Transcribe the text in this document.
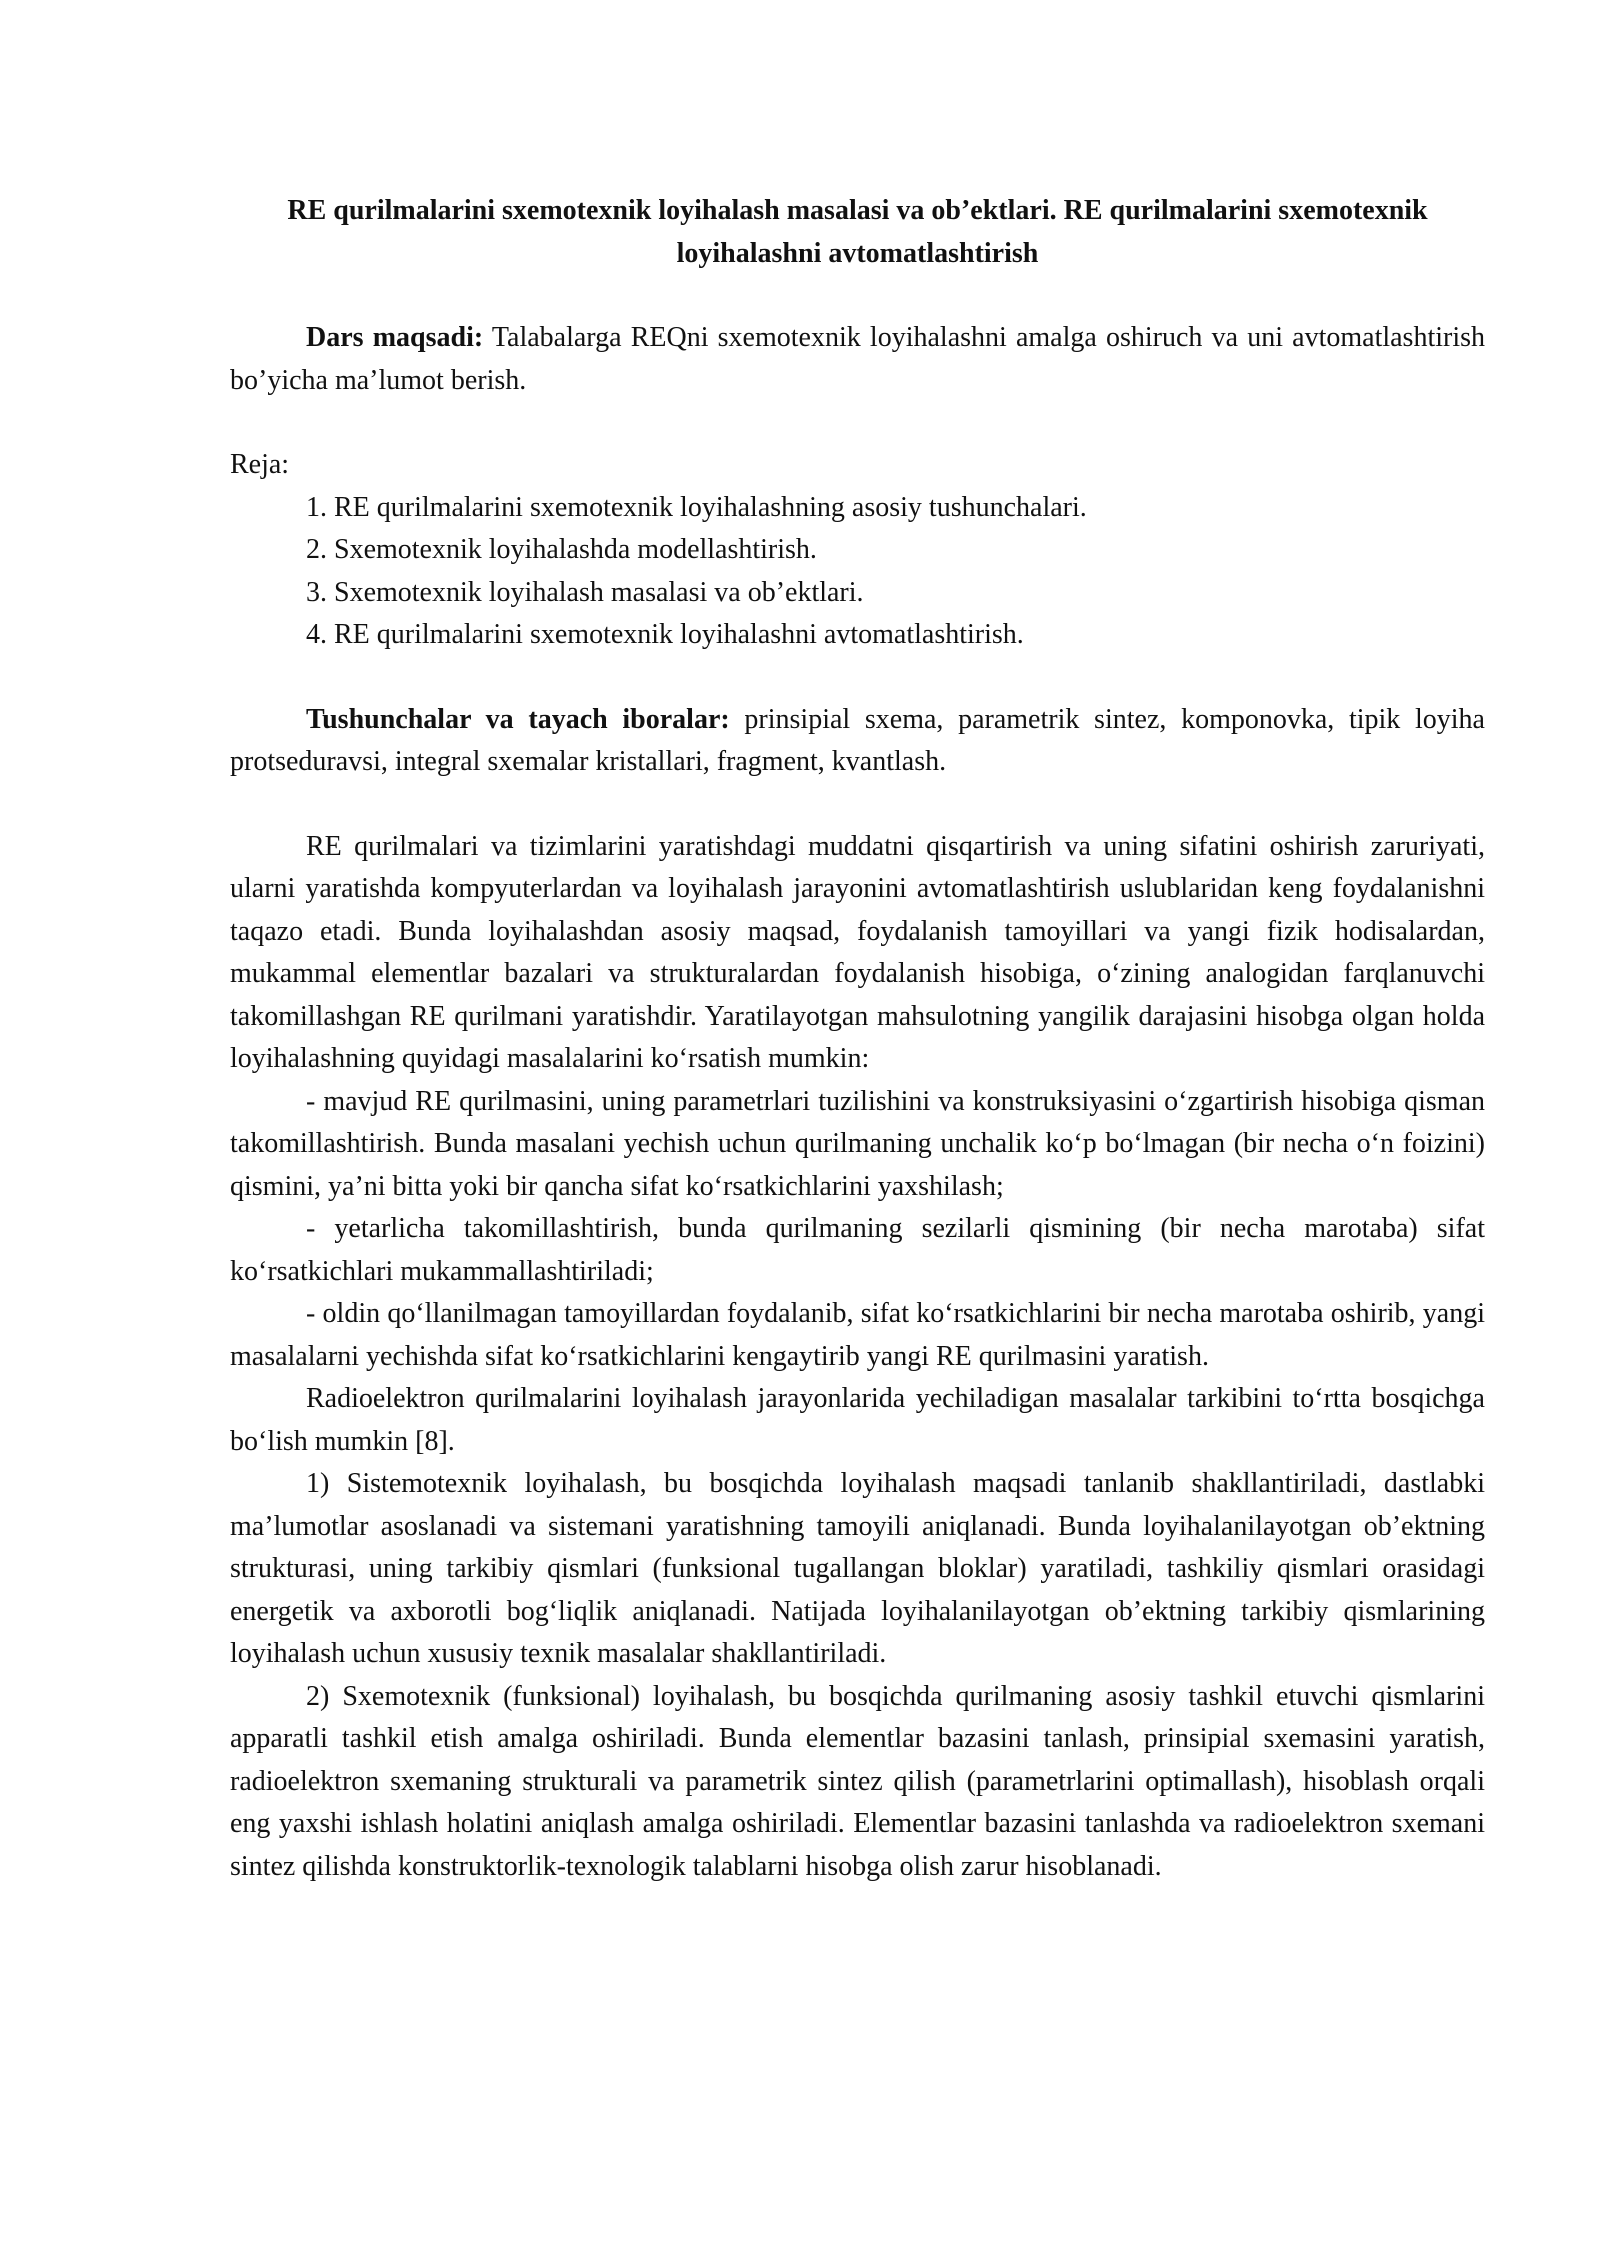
RE qurilmalarini sxemotexnik loyihalash masalasi va ob’ektlari. RE qurilmalarini sxemotexnik loyihalashni avtomatlashtirish

Dars maqsadi: Talabalarga REQni sxemotexnik loyihalashni amalga oshiruch va uni avtomatlashtirish bo’yicha ma’lumot berish.

Reja:

1. RE qurilmalarini sxemotexnik loyihalashning asosiy tushunchalari.
2. Sxemotexnik loyihalashda modellashtirish.
3. Sxemotexnik loyihalash masalasi va ob’ektlari.
4. RE qurilmalarini sxemotexnik loyihalashni avtomatlashtirish.

Tushunchalar va tayach iboralar: prinsipial sxema, parametrik sintez, komponovka, tipik loyiha protseduravsi, integral sxemalar kristallari, fragment, kvantlash.

RE qurilmalari va tizimlarini yaratishdagi muddatni qisqartirish va uning sifatini oshirish zaruriyati, ularni yaratishda kompyuterlardan va loyihalash jarayonini avtomatlashtirish uslublaridan keng foydalanishni taqazo etadi. Bunda loyihalashdan asosiy maqsad, foydalanish tamoyillari va yangi fizik hodisalardan, mukammal elementlar bazalari va strukturalardan foydalanish hisobiga, o‘zining analogidan farqlanuvchi takomillashgan RE qurilmani yaratishdir. Yaratilayotgan mahsulotning yangilik darajasini hisobga olgan holda loyihalashning quyidagi masalalarini ko‘rsatish mumkin:

- mavjud RE qurilmasini, uning parametrlari tuzilishini va konstruksiyasini o‘zgartirish hisobiga qisman takomillashtirish. Bunda masalani yechish uchun qurilmaning unchalik ko‘p bo‘lmagan (bir necha o‘n foizini) qismini, ya’ni bitta yoki bir qancha sifat ko‘rsatkichlarini yaxshilash;

- yetarlicha takomillashtirish, bunda qurilmaning sezilarli qismining (bir necha marotaba) sifat ko‘rsatkichlari mukammallashtiriladi;

- oldin qo‘llanilmagan tamoyillardan foydalanib, sifat ko‘rsatkichlarini bir necha marotaba oshirib, yangi masalalarni yechishda sifat ko‘rsatkichlarini kengaytirib yangi RE qurilmasini yaratish.

Radioelektron qurilmalarini loyihalash jarayonlarida yechiladigan masalalar tarkibini to‘rtta bosqichga bo‘lish mumkin [8].

1) Sistemotexnik loyihalash, bu bosqichda loyihalash maqsadi tanlanib shakllantiriladi, dastlabki ma’lumotlar asoslanadi va sistemani yaratishning tamoyili aniqlanadi. Bunda loyihalanilayotgan ob’ektning strukturasi, uning tarkibiy qismlari (funksional tugallangan bloklar) yaratiladi, tashkiliy qismlari orasidagi energetik va axborotli bog‘liqlik aniqlanadi. Natijada loyihalanilayotgan ob’ektning tarkibiy qismlarining loyihalash uchun xususiy texnik masalalar shakllantiriladi.

2) Sxemotexnik (funksional) loyihalash, bu bosqichda qurilmaning asosiy tashkil etuvchi qismlarini apparatli tashkil etish amalga oshiriladi. Bunda elementlar bazasini tanlash, prinsipial sxemasini yaratish, radioelektron sxemaning strukturali va parametrik sintez qilish (parametrlarini optimallash), hisoblash orqali eng yaxshi ishlash holatini aniqlash amalga oshiriladi. Elementlar bazasini tanlashda va radioelektron sxemani sintez qilishda konstruktorlik-texnologik talablarni hisobga olish zarur hisoblanadi.
